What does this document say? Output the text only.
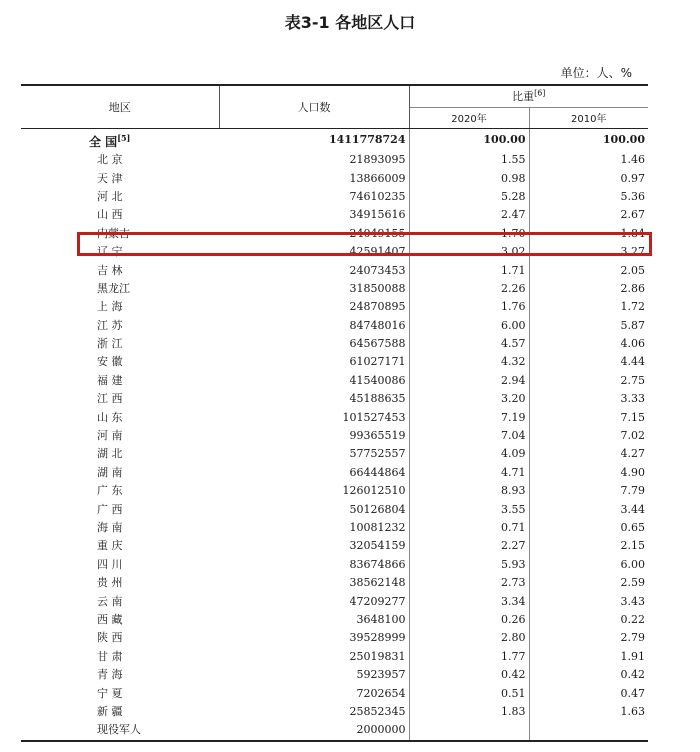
表3-1 各地区人口
单位：人、%
地区	人口数	比重[6]
		2020年	2010年
全 国[5]	1411778724	100.00	100.00
北 京	21893095	1.55	1.46
天 津	13866009	0.98	0.97
河 北	74610235	5.28	5.36
山 西	34915616	2.47	2.67
内蒙古	24049155	1.70	1.84
辽 宁	42591407	3.02	3.27
吉 林	24073453	1.71	2.05
黑龙江	31850088	2.26	2.86
上 海	24870895	1.76	1.72
江 苏	84748016	6.00	5.87
浙 江	64567588	4.57	4.06
安 徽	61027171	4.32	4.44
福 建	41540086	2.94	2.75
江 西	45188635	3.20	3.33
山 东	101527453	7.19	7.15
河 南	99365519	7.04	7.02
湖 北	57752557	4.09	4.27
湖 南	66444864	4.71	4.90
广 东	126012510	8.93	7.79
广 西	50126804	3.55	3.44
海 南	10081232	0.71	0.65
重 庆	32054159	2.27	2.15
四 川	83674866	5.93	6.00
贵 州	38562148	2.73	2.59
云 南	47209277	3.34	3.43
西 藏	3648100	0.26	0.22
陕 西	39528999	2.80	2.79
甘 肃	25019831	1.77	1.91
青 海	5923957	0.42	0.42
宁 夏	7202654	0.51	0.47
新 疆	25852345	1.83	1.63
现役军人	2000000		
